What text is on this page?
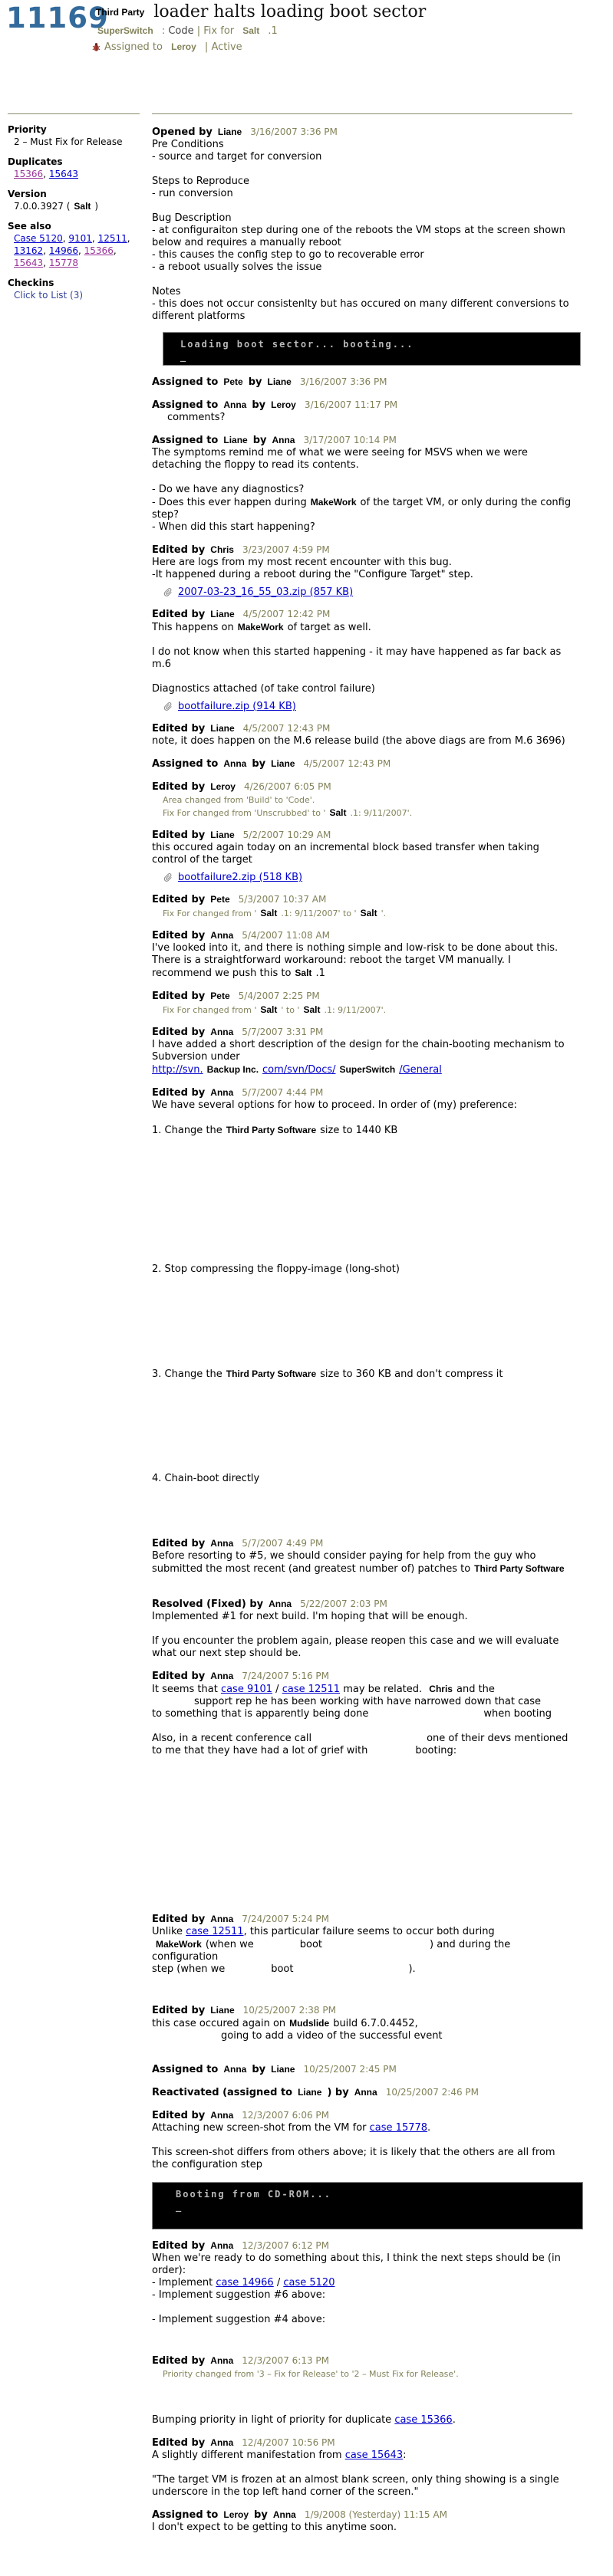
11169
Third Party loader halts loading boot sector
SuperSwitch : Code | Fix for Salt .1
Assigned to Leroy | Active
Priority
2 – Must Fix for Release
Duplicates
15366, 15643
Version
7.0.0.3927 ( Salt )
See also
Case 5120, 9101, 12511, 13162, 14966, 15366, 15643, 15778
Checkins
Click to List (3)
Opened by Liane 3/16/2007 3:36 PM

Pre Conditions

- source and target for conversion

Steps to Reproduce

- run conversion

Bug Description

- at configuraiton step during one of the reboots the VM stops at the screen shown below and requires a manually reboot

- this causes the config step to go to recoverable error

- a reboot usually solves the issue

Notes

- this does not occur consistenlty but has occured on many different conversions to different platforms

Loading boot sector... booting...
_
Assigned to Pete by Liane 3/16/2007 3:36 PM
Assigned to Anna by Leroy 3/16/2007 11:17 PM

comments?

Assigned to Liane by Anna 3/17/2007 10:14 PM

The symptoms remind me of what we were seeing for MSVS when we were detaching the floppy to read its contents.

- Do we have any diagnostics?

- Does this ever happen during MakeWork of the target VM, or only during the config step?

- When did this start happening?

Edited by Chris 3/23/2007 4:59 PM

Here are logs from my most recent encounter with this bug.

-It happened during a reboot during the "Configure Target" step.

2007-03-23_16_55_03.zip (857 KB)
Edited by Liane 4/5/2007 12:42 PM

This happens on MakeWork of target as well.

I do not know when this started happening - it may have happened as far back as m.6

Diagnostics attached (of take control failure)

bootfailure.zip (914 KB)
Edited by Liane 4/5/2007 12:43 PM

note, it does happen on the M.6 release build (the above diags are from M.6 3696)

Assigned to Anna by Liane 4/5/2007 12:43 PM
Edited by Leroy 4/26/2007 6:05 PM
Area changed from 'Build' to 'Code'.
Fix For changed from 'Unscrubbed' to ' Salt .1: 9/11/2007'.
Edited by Liane 5/2/2007 10:29 AM

this occured again today on an incremental block based transfer when taking control of the target

bootfailure2.zip (518 KB)
Edited by Pete 5/3/2007 10:37 AM
Fix For changed from ' Salt .1: 9/11/2007' to ' Salt '.
Edited by Anna 5/4/2007 11:08 AM

I've looked into it, and there is nothing simple and low-risk to be done about this. There is a straightforward workaround: reboot the target VM manually. I recommend we push this to Salt .1

Edited by Pete 5/4/2007 2:25 PM
Fix For changed from ' Salt ' to ' Salt .1: 9/11/2007'.
Edited by Anna 5/7/2007 3:31 PM

I have added a short description of the design for the chain-booting mechanism to Subversion under

http://svn. Backup Inc. com/svn/Docs/ SuperSwitch /General

Edited by Anna 5/7/2007 4:44 PM

We have several options for how to proceed. In order of (my) preference:

1. Change the Third Party Software size to 1440 KB

2. Stop compressing the floppy-image (long-shot)

3. Change the Third Party Software size to 360 KB and don't compress it

4. Chain-boot directly

Edited by Anna 5/7/2007 4:49 PM

Before resorting to #5, we should consider paying for help from the guy who submitted the most recent (and greatest number of) patches to Third Party Software

Resolved (Fixed) by Anna 5/22/2007 2:03 PM

Implemented #1 for next build. I'm hoping that will be enough.

If you encounter the problem again, please reopen this case and we will evaluate what our next step should be.

Edited by Anna 7/24/2007 5:16 PM

It seems that case 9101 / case 12511 may be related. Chris and the
support rep he has been working with have narrowed down that case
to something that is apparently being done	when booting

Also, in a recent conference call	one of their devs mentioned
to me that they have had a lot of grief with	booting:

Edited by Anna 7/24/2007 5:24 PM

Unlike case 12511, this particular failure seems to occur both during
MakeWork (when we	boot	) and during the configuration
step (when we	boot	).

Edited by Liane 10/25/2007 2:38 PM

this case occured again on Mudslide build 6.7.0.4452,
going to add a video of the successful event

Assigned to Anna by Liane 10/25/2007 2:45 PM
Reactivated (assigned to Liane ) by Anna 10/25/2007 2:46 PM
Edited by Anna 12/3/2007 6:06 PM

Attaching new screen-shot from the VM for case 15778.

This screen-shot differs from others above; it is likely that the others are all from the configuration step

Booting from CD-ROM...
_
Edited by Anna 12/3/2007 6:12 PM

When we're ready to do something about this, I think the next steps should be (in order):

- Implement case 14966 / case 5120

- Implement suggestion #6 above:

- Implement suggestion #4 above:

Edited by Anna 12/3/2007 6:13 PM
Priority changed from '3 – Fix for Release' to '2 – Must Fix for Release'.

Bumping priority in light of priority for duplicate case 15366.

Edited by Anna 12/4/2007 10:56 PM

A slightly different manifestation from case 15643:

"The target VM is frozen at an almost blank screen, only thing showing is a single underscore in the top left hand corner of the screen."

Assigned to Leroy by Anna 1/9/2008 (Yesterday) 11:15 AM

I don't expect to be getting to this anytime soon.
